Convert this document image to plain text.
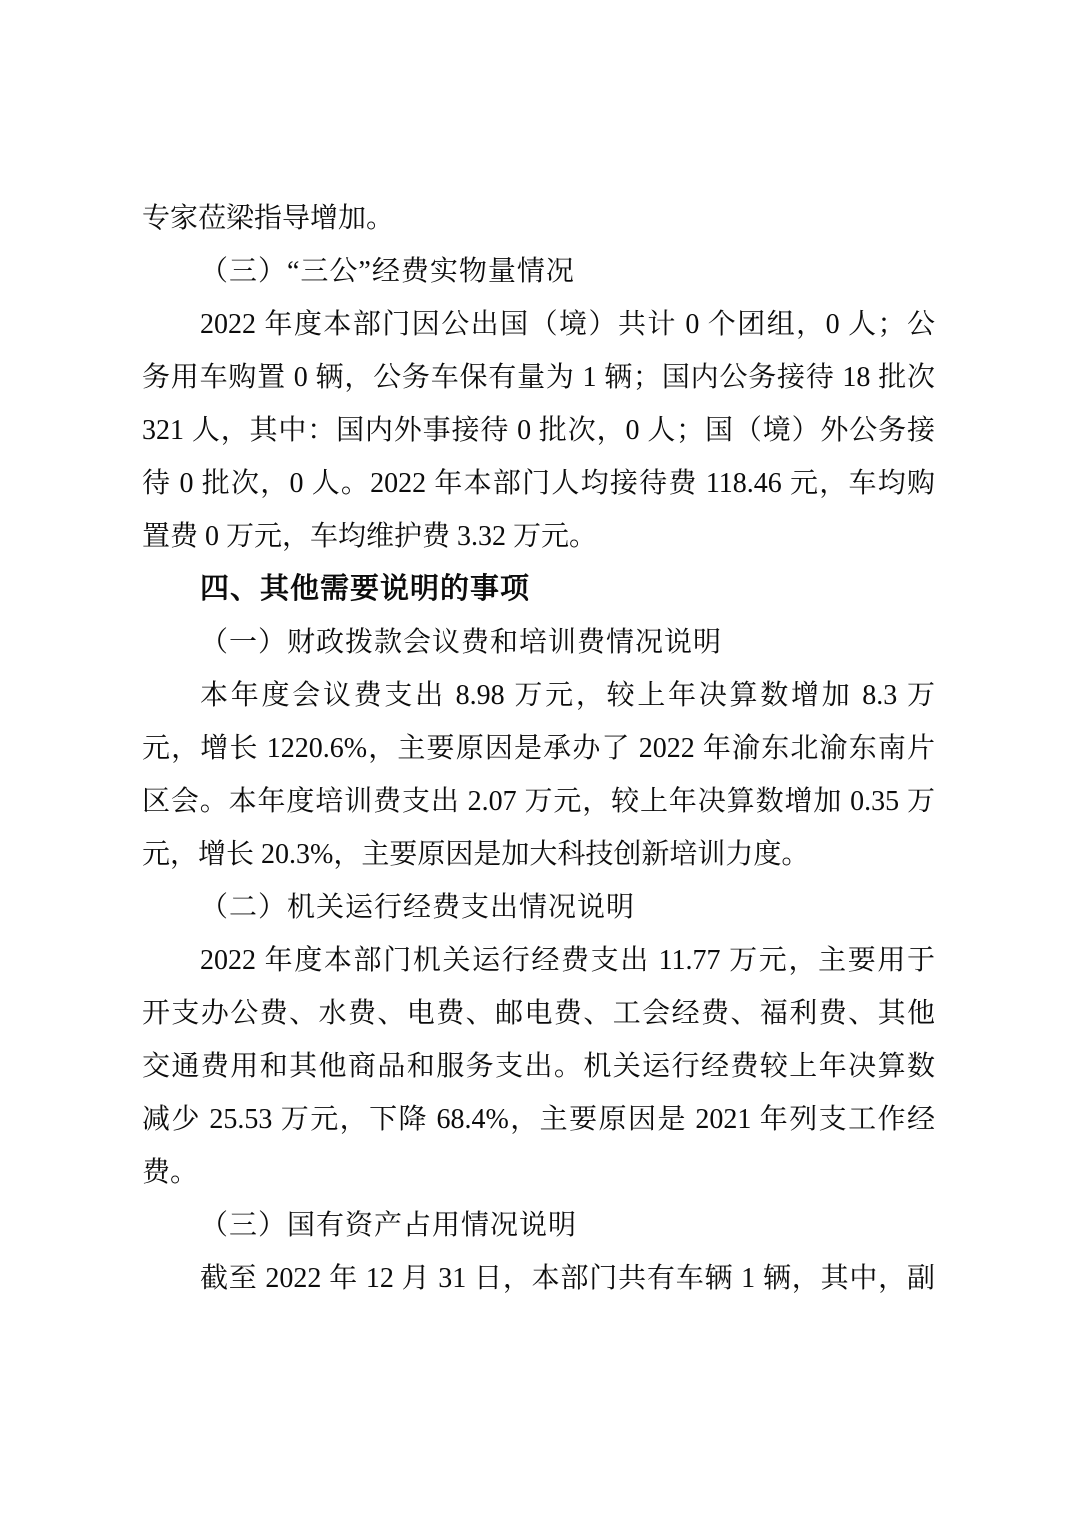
专家莅梁指导增加。
（三）“三公”经费实物量情况
2022 年度本部门因公出国（境）共计 0 个团组，0 人；公
务用车购置 0 辆，公务车保有量为 1 辆；国内公务接待 18 批次
321 人，其中：国内外事接待 0 批次，0 人；国（境）外公务接
待 0 批次，0 人。2022 年本部门人均接待费 118.46 元，车均购
置费 0 万元，车均维护费 3.32 万元。
四、其他需要说明的事项
（一）财政拨款会议费和培训费情况说明
本年度会议费支出 8.98 万元，较上年决算数增加 8.3 万
元，增长 1220.6%，主要原因是承办了 2022 年渝东北渝东南片
区会。本年度培训费支出 2.07 万元，较上年决算数增加 0.35 万
元，增长 20.3%，主要原因是加大科技创新培训力度。
（二）机关运行经费支出情况说明
2022 年度本部门机关运行经费支出 11.77 万元，主要用于
开支办公费、水费、电费、邮电费、工会经费、福利费、其他
交通费用和其他商品和服务支出。机关运行经费较上年决算数
减少 25.53 万元，下降 68.4%，主要原因是 2021 年列支工作经
费。
（三）国有资产占用情况说明
截至 2022 年 12 月 31 日，本部门共有车辆 1 辆，其中，副
